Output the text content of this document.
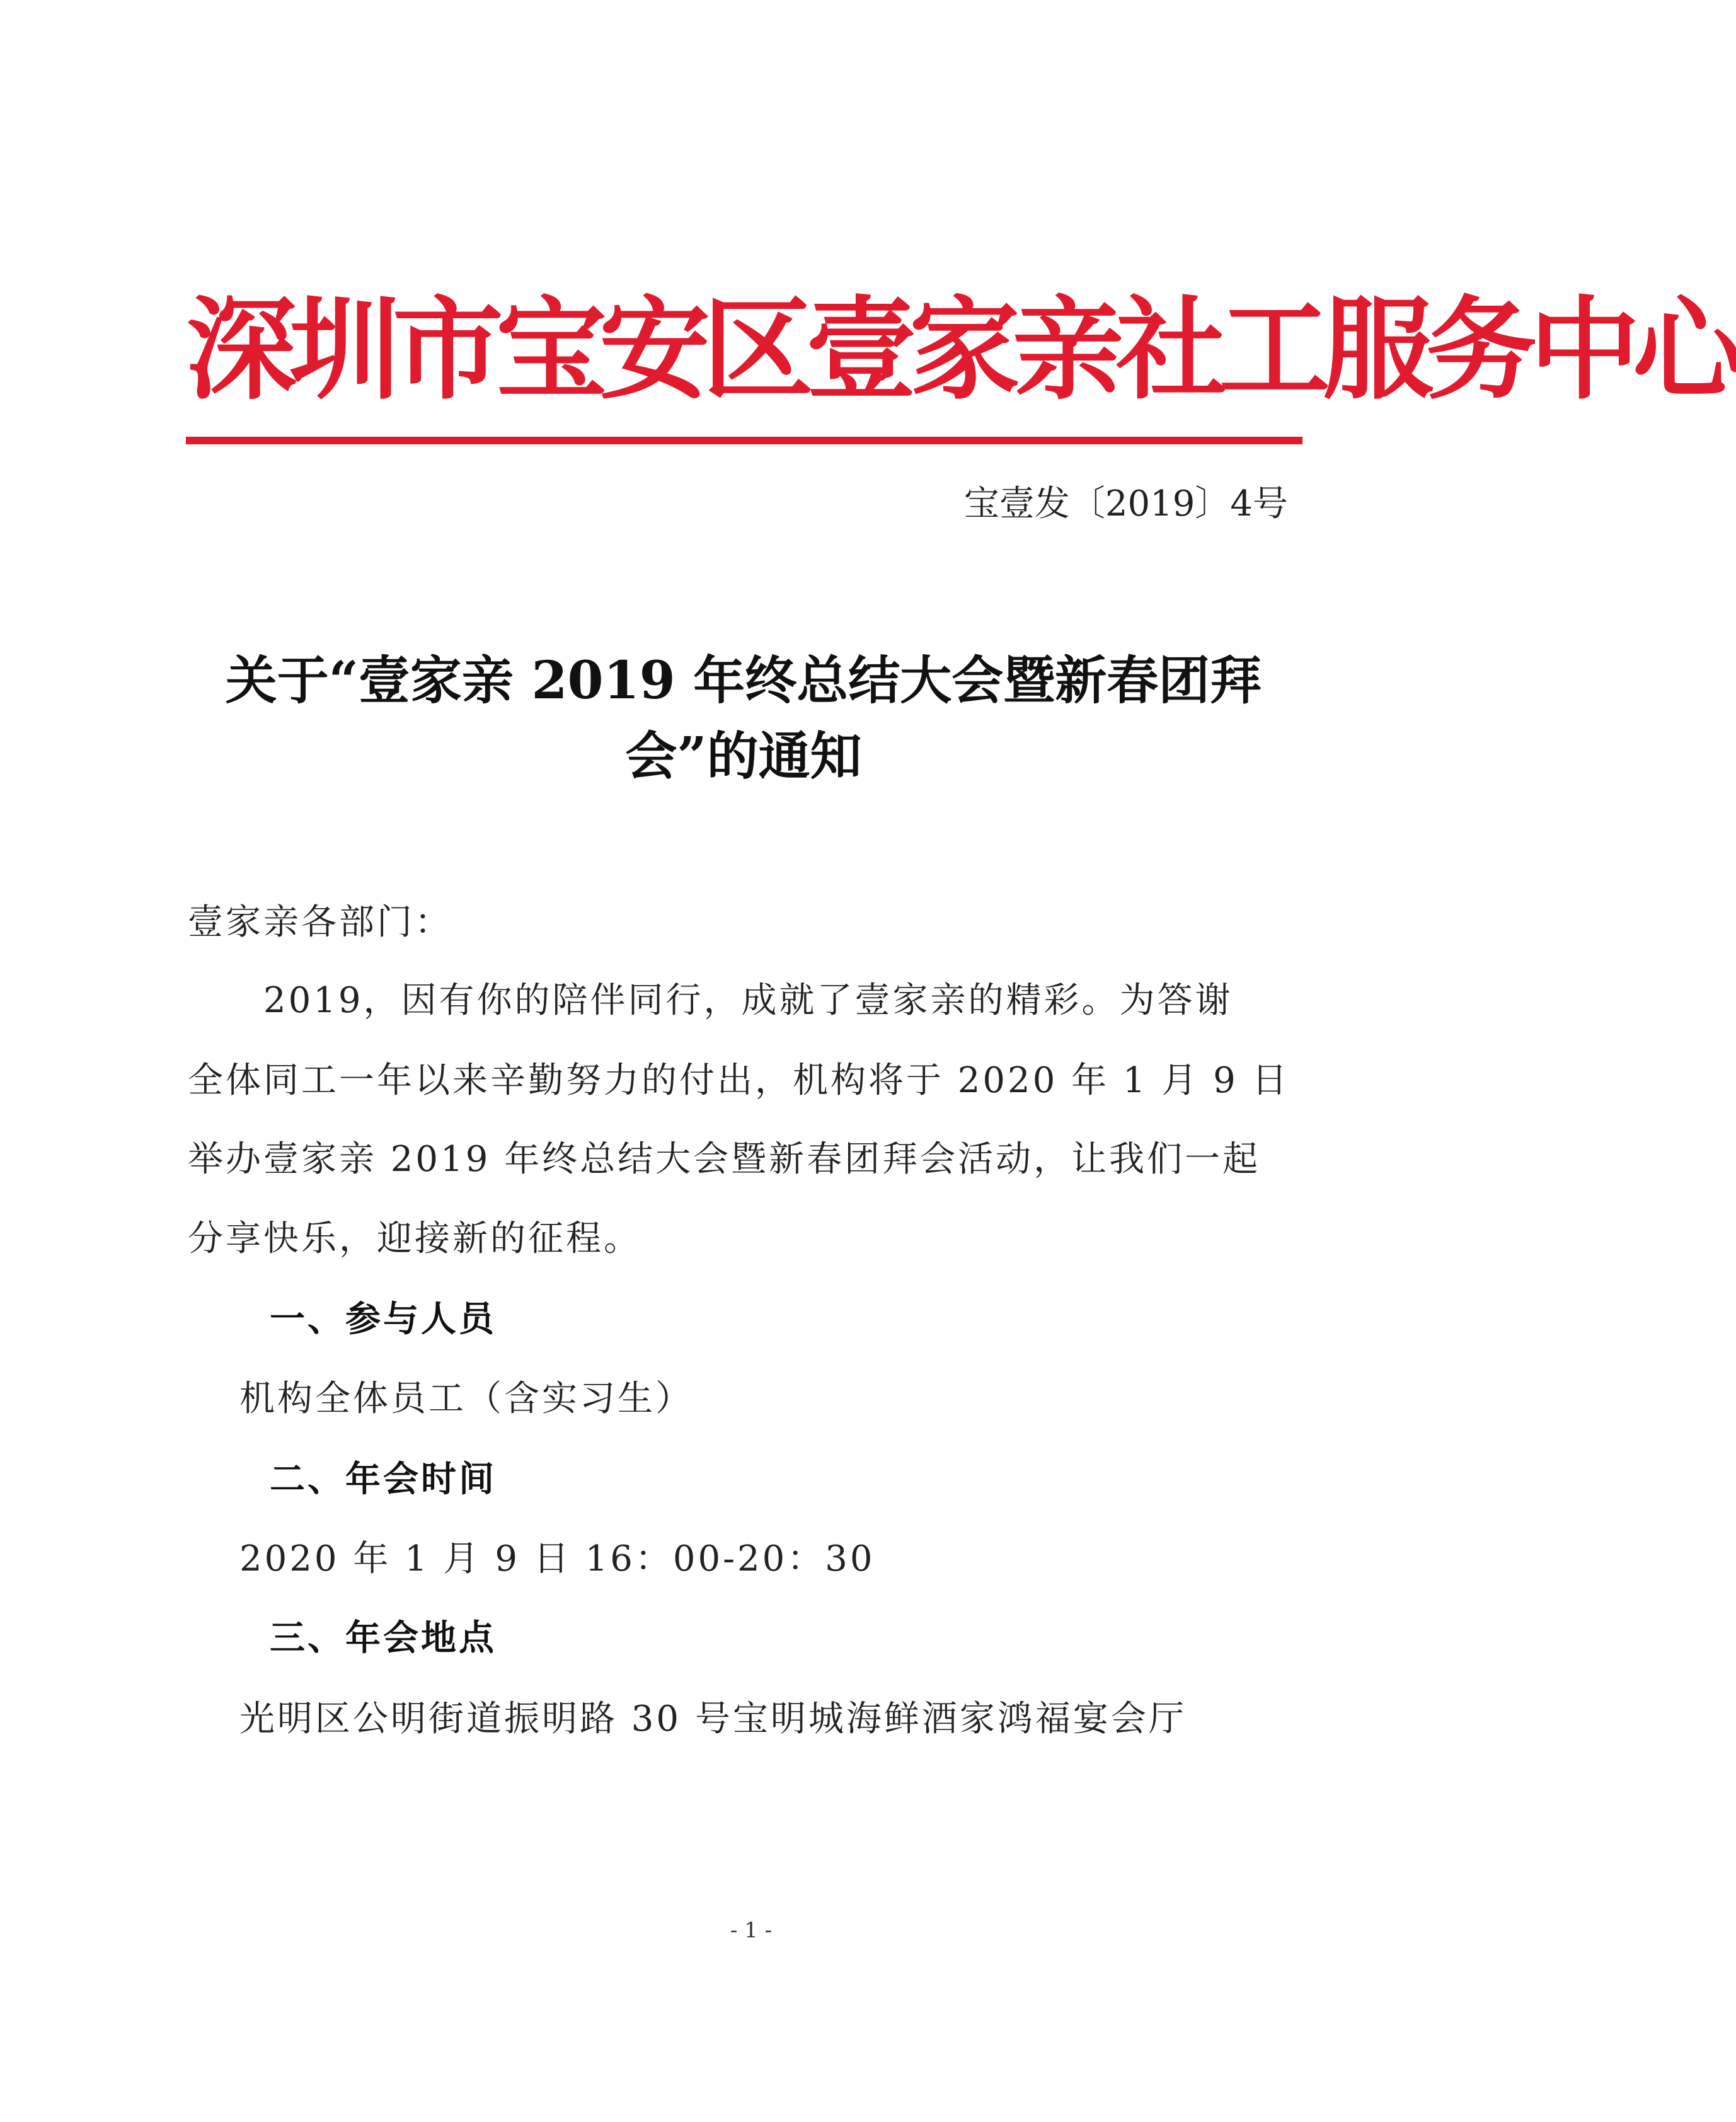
深圳市宝安区壹家亲社工服务中心
宝壹发〔2019〕4号
关于“壹家亲 2019 年终总结大会暨新春团拜
会”的通知
壹家亲各部门：
　　2019，因有你的陪伴同行，成就了壹家亲的精彩。为答谢
全体同工一年以来辛勤努力的付出，机构将于 2020 年 1 月 9 日
举办壹家亲 2019 年终总结大会暨新春团拜会活动，让我们一起
分享快乐，迎接新的征程。
一、参与人员
机构全体员工（含实习生）
二、年会时间
2020 年 1 月 9 日 16：00-20：30
三、年会地点
光明区公明街道振明路 30 号宝明城海鲜酒家鸿福宴会厅
- 1 -
